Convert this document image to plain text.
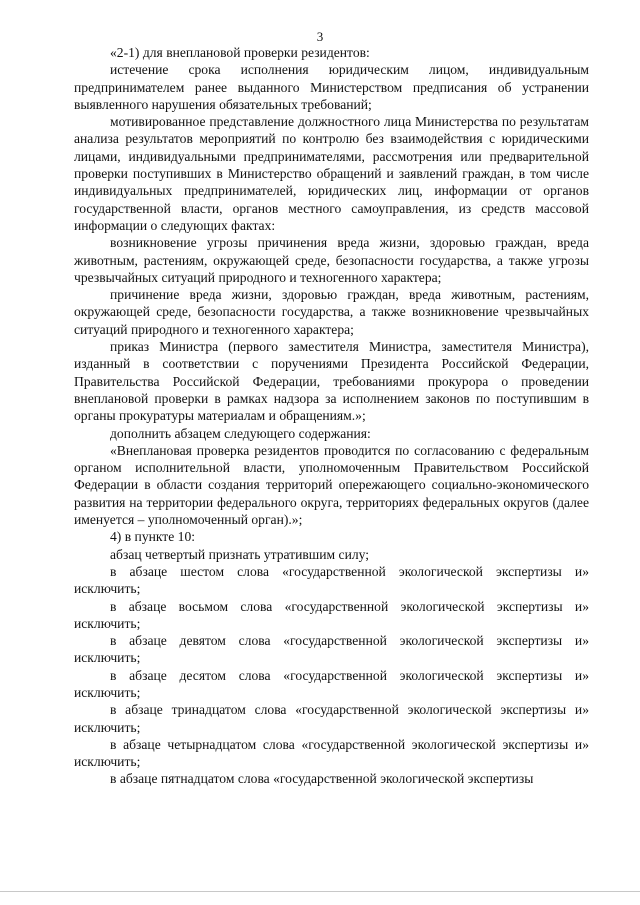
3

«2-1) для внеплановой проверки резидентов:

истечение срока исполнения юридическим лицом, индивидуальным предпринимателем ранее выданного Министерством предписания об устранении выявленного нарушения обязательных требований;

мотивированное представление должностного лица Министерства по результатам анализа результатов мероприятий по контролю без взаимодействия с юридическими лицами, индивидуальными предпринимателями, рассмотрения или предварительной проверки поступивших в Министерство обращений и заявлений граждан, в том числе индивидуальных предпринимателей, юридических лиц, информации от органов государственной власти, органов местного самоуправления, из средств массовой информации о следующих фактах:

возникновение угрозы причинения вреда жизни, здоровью граждан, вреда животным, растениям, окружающей среде, безопасности государства, а также угрозы чрезвычайных ситуаций природного и техногенного характера;

причинение вреда жизни, здоровью граждан, вреда животным, растениям, окружающей среде, безопасности государства, а также возникновение чрезвычайных ситуаций природного и техногенного характера;

приказ Министра (первого заместителя Министра, заместителя Министра), изданный в соответствии с поручениями Президента Российской Федерации, Правительства Российской Федерации, требованиями прокурора о проведении внеплановой проверки в рамках надзора за исполнением законов по поступившим в органы прокуратуры материалам и обращениям.»;

дополнить абзацем следующего содержания:

«Внеплановая проверка резидентов проводится по согласованию с федеральным органом исполнительной власти, уполномоченным Правительством Российской Федерации в области создания территорий опережающего социально-экономического развития на территории федерального округа, территориях федеральных округов (далее именуется – уполномоченный орган).»;

4) в пункте 10:

абзац четвертый признать утратившим силу;

в абзаце шестом слова «государственной экологической экспертизы и» исключить;

в абзаце восьмом слова «государственной экологической экспертизы и» исключить;

в абзаце девятом слова «государственной экологической экспертизы и» исключить;

в абзаце десятом слова «государственной экологической экспертизы и» исключить;

в абзаце тринадцатом слова «государственной экологической экспертизы и» исключить;

в абзаце четырнадцатом слова «государственной экологической экспертизы и» исключить;

в абзаце пятнадцатом слова «государственной экологической экспертизы
